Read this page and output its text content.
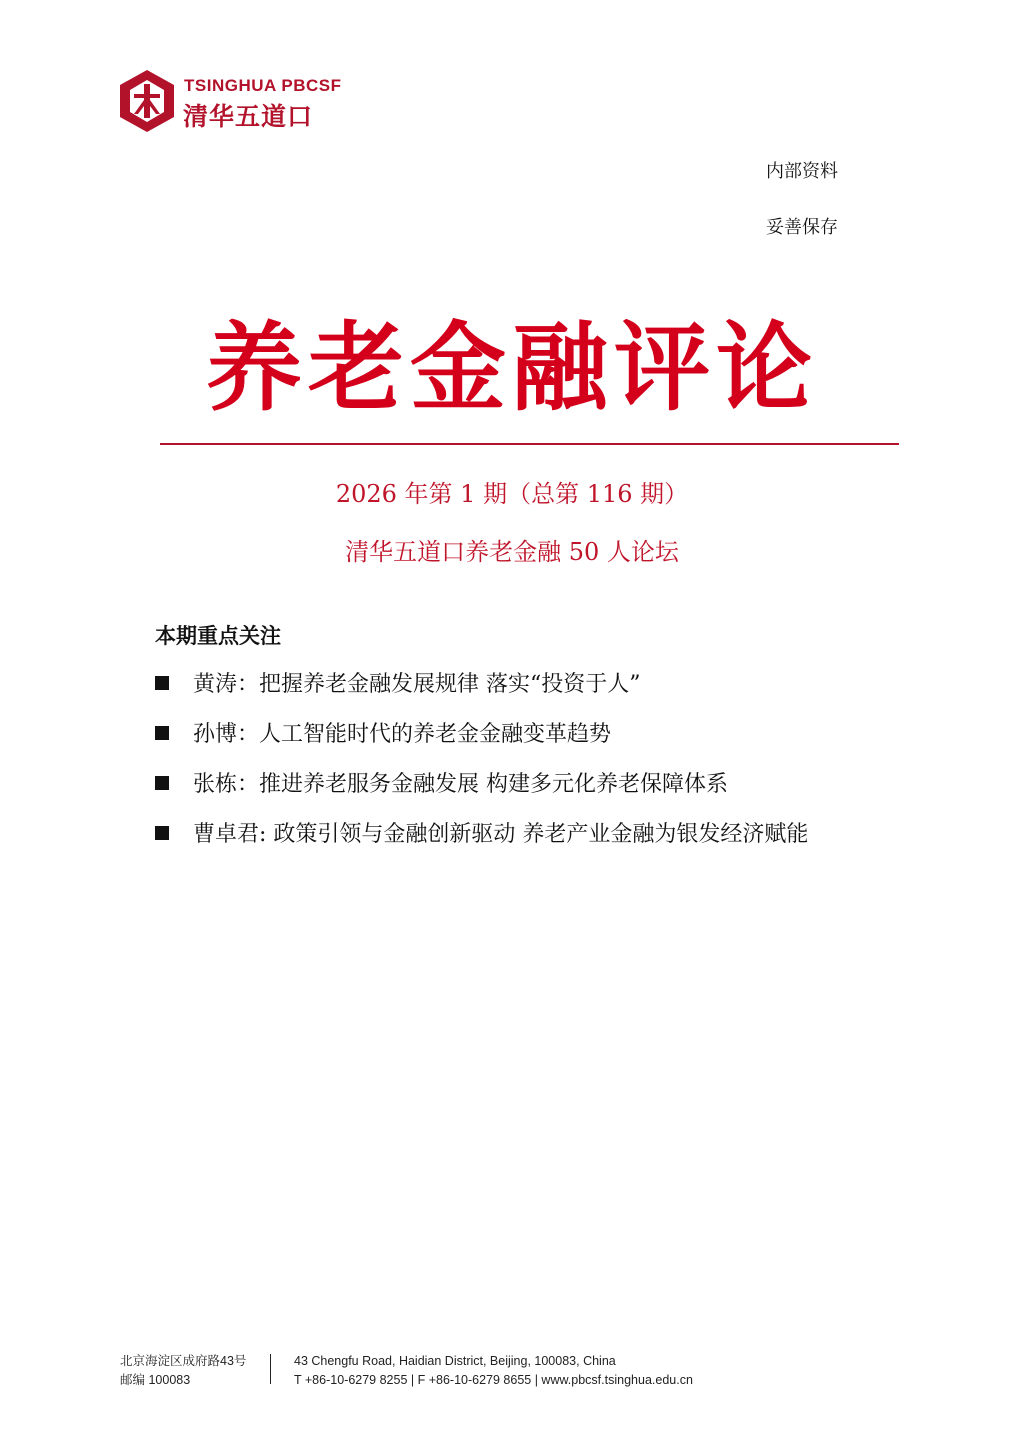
TSINGHUA PBCSF
清华五道口
内部资料
妥善保存
养老金融评论
2026 年第 1 期（总第 116 期）
清华五道口养老金融 50 人论坛
本期重点关注
黄涛：把握养老金融发展规律 落实“投资于人”
孙博：人工智能时代的养老金金融变革趋势
张栋：推进养老服务金融发展 构建多元化养老保障体系
曹卓君: 政策引领与金融创新驱动 养老产业金融为银发经济赋能
北京海淀区成府路43号
邮编 100083
43 Chengfu Road, Haidian District, Beijing, 100083, China
T +86-10-6279 8255 | F +86-10-6279 8655 | www.pbcsf.tsinghua.edu.cn
